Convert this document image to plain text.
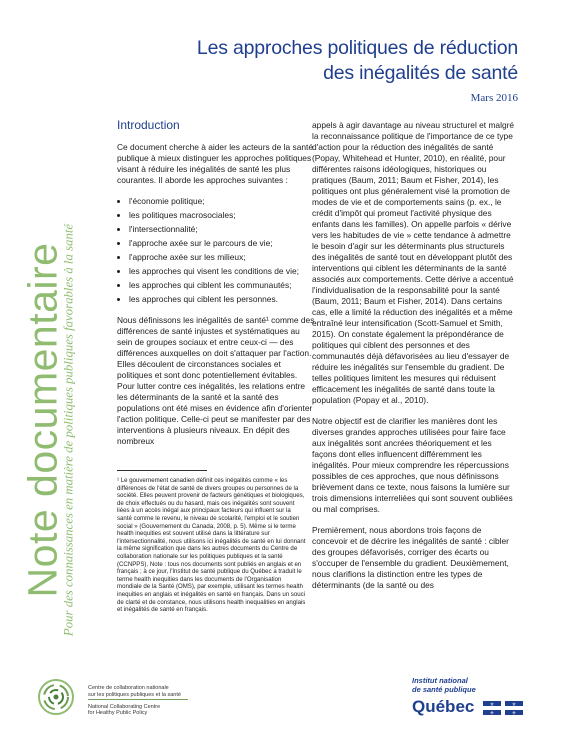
Les approches politiques de réduction
des inégalités de santé
Mars 2016
Note documentaire
Pour des connaissances en matière de politiques publiques favorables à la santé
Introduction

Ce document cherche à aider les acteurs de la santé publique à mieux distinguer les approches politiques visant à réduire les inégalités de santé les plus courantes. Il aborde les approches suivantes :

• l'économie politique;
• les politiques macrosociales;
• l'intersectionnalité;
• l'approche axée sur le parcours de vie;
• l'approche axée sur les milieux;
• les approches qui visent les conditions de vie;
• les approches qui ciblent les communautés;
• les approches qui ciblent les personnes.

Nous définissons les inégalités de santé¹ comme des différences de santé injustes et systématiques au sein de groupes sociaux et entre ceux-ci — des différences auxquelles on doit s'attaquer par l'action. Elles découlent de circonstances sociales et politiques et sont donc potentiellement évitables. Pour lutter contre ces inégalités, les relations entre les déterminants de la santé et la santé des populations ont été mises en évidence afin d'orienter l'action politique. Celle-ci peut se manifester par des interventions à plusieurs niveaux. En dépit des nombreux

¹ Le gouvernement canadien définit ces inégalités comme « les différences de l'état de santé de divers groupes ou personnes de la société. Elles peuvent provenir de facteurs génétiques et biologiques, de choix effectués ou du hasard, mais ces inégalités sont souvent liées à un accès inégal aux principaux facteurs qui influent sur la santé comme le revenu, le niveau de scolarité, l'emploi et le soutien social » (Gouvernement du Canada, 2008, p. 5). Même si le terme health inequities est souvent utilisé dans la littérature sur l'intersectionnalité, nous utilisons ici inégalités de santé en lui donnant la même signification que dans les autres documents du Centre de collaboration nationale sur les politiques publiques et la santé (CCNPPS). Note : tous nos documents sont publiés en anglais et en français ; à ce jour, l'Institut de santé publique du Québec a traduit le terme health inequities dans les documents de l'Organisation mondiale de la Santé (OMS), par exemple, utilisant les termes health inequities en anglais et inégalités en santé en français. Dans un souci de clarté et de constance, nous utilisons health inequalities en anglais et inégalités de santé en français.

appels à agir davantage au niveau structurel et malgré la reconnaissance politique de l'importance de ce type d'action pour la réduction des inégalités de santé (Popay, Whitehead et Hunter, 2010), en réalité, pour différentes raisons idéologiques, historiques ou pratiques (Baum, 2011; Baum et Fisher, 2014), les politiques ont plus généralement visé la promotion de modes de vie et de comportements sains (p. ex., le crédit d'impôt qui promeut l'activité physique des enfants dans les familles). On appelle parfois « dérive vers les habitudes de vie » cette tendance à admettre le besoin d'agir sur les déterminants plus structurels des inégalités de santé tout en développant plutôt des interventions qui ciblent les déterminants de la santé associés aux comportements. Cette dérive a accentué l'individualisation de la responsabilité pour la santé (Baum, 2011; Baum et Fisher, 2014). Dans certains cas, elle a limité la réduction des inégalités et a même entraîné leur intensification (Scott-Samuel et Smith, 2015). On constate également la prépondérance de politiques qui ciblent des personnes et des communautés déjà défavorisées au lieu d'essayer de réduire les inégalités sur l'ensemble du gradient. De telles politiques limitent les mesures qui réduisent efficacement les inégalités de santé dans toute la population (Popay et al., 2010).

Notre objectif est de clarifier les manières dont les diverses grandes approches utilisées pour faire face aux inégalités sont ancrées théoriquement et les façons dont elles influencent différemment les inégalités. Pour mieux comprendre les répercussions possibles de ces approches, que nous définissons brièvement dans ce texte, nous faisons la lumière sur trois dimensions interreliées qui sont souvent oubliées ou mal comprises.

Premièrement, nous abordons trois façons de concevoir et de décrire les inégalités de santé : cibler des groupes défavorisés, corriger des écarts ou s'occuper de l'ensemble du gradient. Deuxièmement, nous clarifions la distinction entre les types de déterminants (de la santé ou des

Centre de collaboration nationale
sur les politiques publiques et la santé
National Collaborating Centre
for Healthy Public Policy
Institut national
de santé publique
Québec	⚜	⚜
⚜	⚜
